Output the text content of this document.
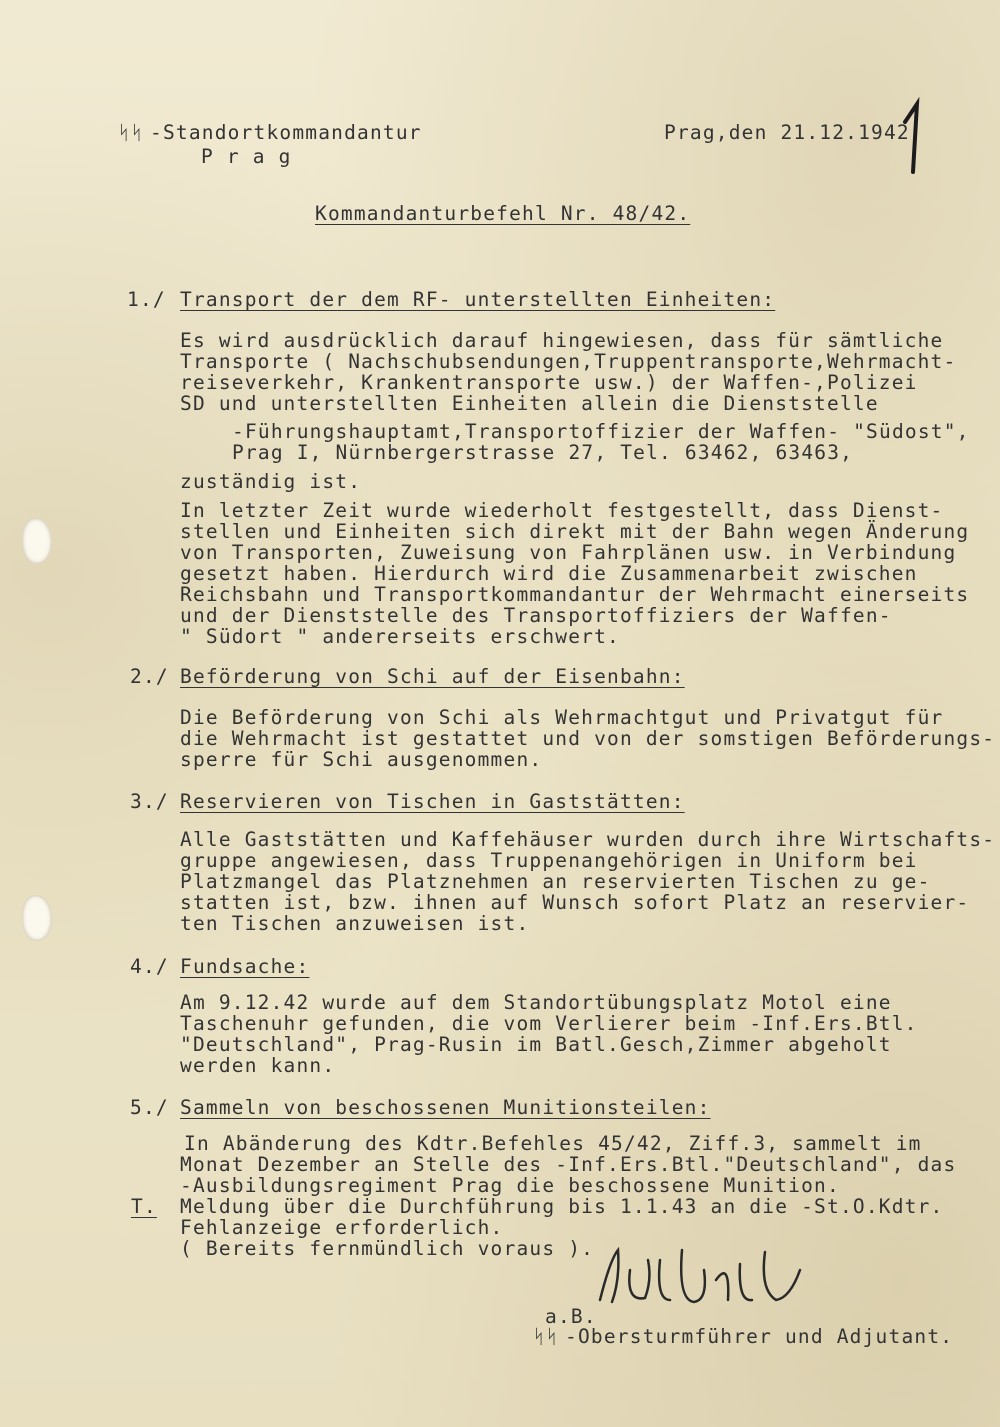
ᛋᛋ -Standortkommandantur
P r a g
Prag,den 21.12.1942.
Kommandanturbefehl Nr. 48/42.
1./ Transport der dem RF- unterstellten Einheiten:
Es wird ausdrücklich darauf hingewiesen, dass für sämtliche
Transporte ( Nachschubsendungen,Truppentransporte,Wehrmacht-
reiseverkehr, Krankentransporte usw.) der Waffen-,Polizei
SD und unterstellten Einheiten allein die Dienststelle
-Führungshauptamt,Transportoffizier der Waffen- "Südost",
Prag I, Nürnbergerstrasse 27, Tel. 63462, 63463,
zuständig ist.
In letzter Zeit wurde wiederholt festgestellt, dass Dienst-
stellen und Einheiten sich direkt mit der Bahn wegen Änderung
von Transporten, Zuweisung von Fahrplänen usw. in Verbindung
gesetzt haben. Hierdurch wird die Zusammenarbeit zwischen
Reichsbahn und Transportkommandantur der Wehrmacht einerseits
und der Dienststelle des Transportoffiziers der Waffen-
" Südort " andererseits erschwert.
2./ Beförderung von Schi auf der Eisenbahn:
Die Beförderung von Schi als Wehrmachtgut und Privatgut für
die Wehrmacht ist gestattet und von der somstigen Beförderungs-
sperre für Schi ausgenommen.
3./ Reservieren von Tischen in Gaststätten:
Alle Gaststätten und Kaffehäuser wurden durch ihre Wirtschafts-
gruppe angewiesen, dass Truppenangehörigen in Uniform bei
Platzmangel das Platznehmen an reservierten Tischen zu ge-
statten ist, bzw. ihnen auf Wunsch sofort Platz an reservier-
ten Tischen anzuweisen ist.
4./ Fundsache:
Am 9.12.42 wurde auf dem Standortübungsplatz Motol eine
Taschenuhr gefunden, die vom Verlierer beim -Inf.Ers.Btl.
"Deutschland", Prag-Rusin im Batl.Gesch,Zimmer abgeholt
werden kann.
5./ Sammeln von beschossenen Munitionsteilen:
In Abänderung des Kdtr.Befehles 45/42, Ziff.3, sammelt im
Monat Dezember an Stelle des -Inf.Ers.Btl."Deutschland", das
-Ausbildungsregiment Prag die beschossene Munition.
T. Meldung über die Durchführung bis 1.1.43 an die -St.O.Kdtr.
Fehlanzeige erforderlich.
( Bereits fernmündlich voraus ).
a.B.
ᛋᛋ -Obersturmführer und Adjutant.
